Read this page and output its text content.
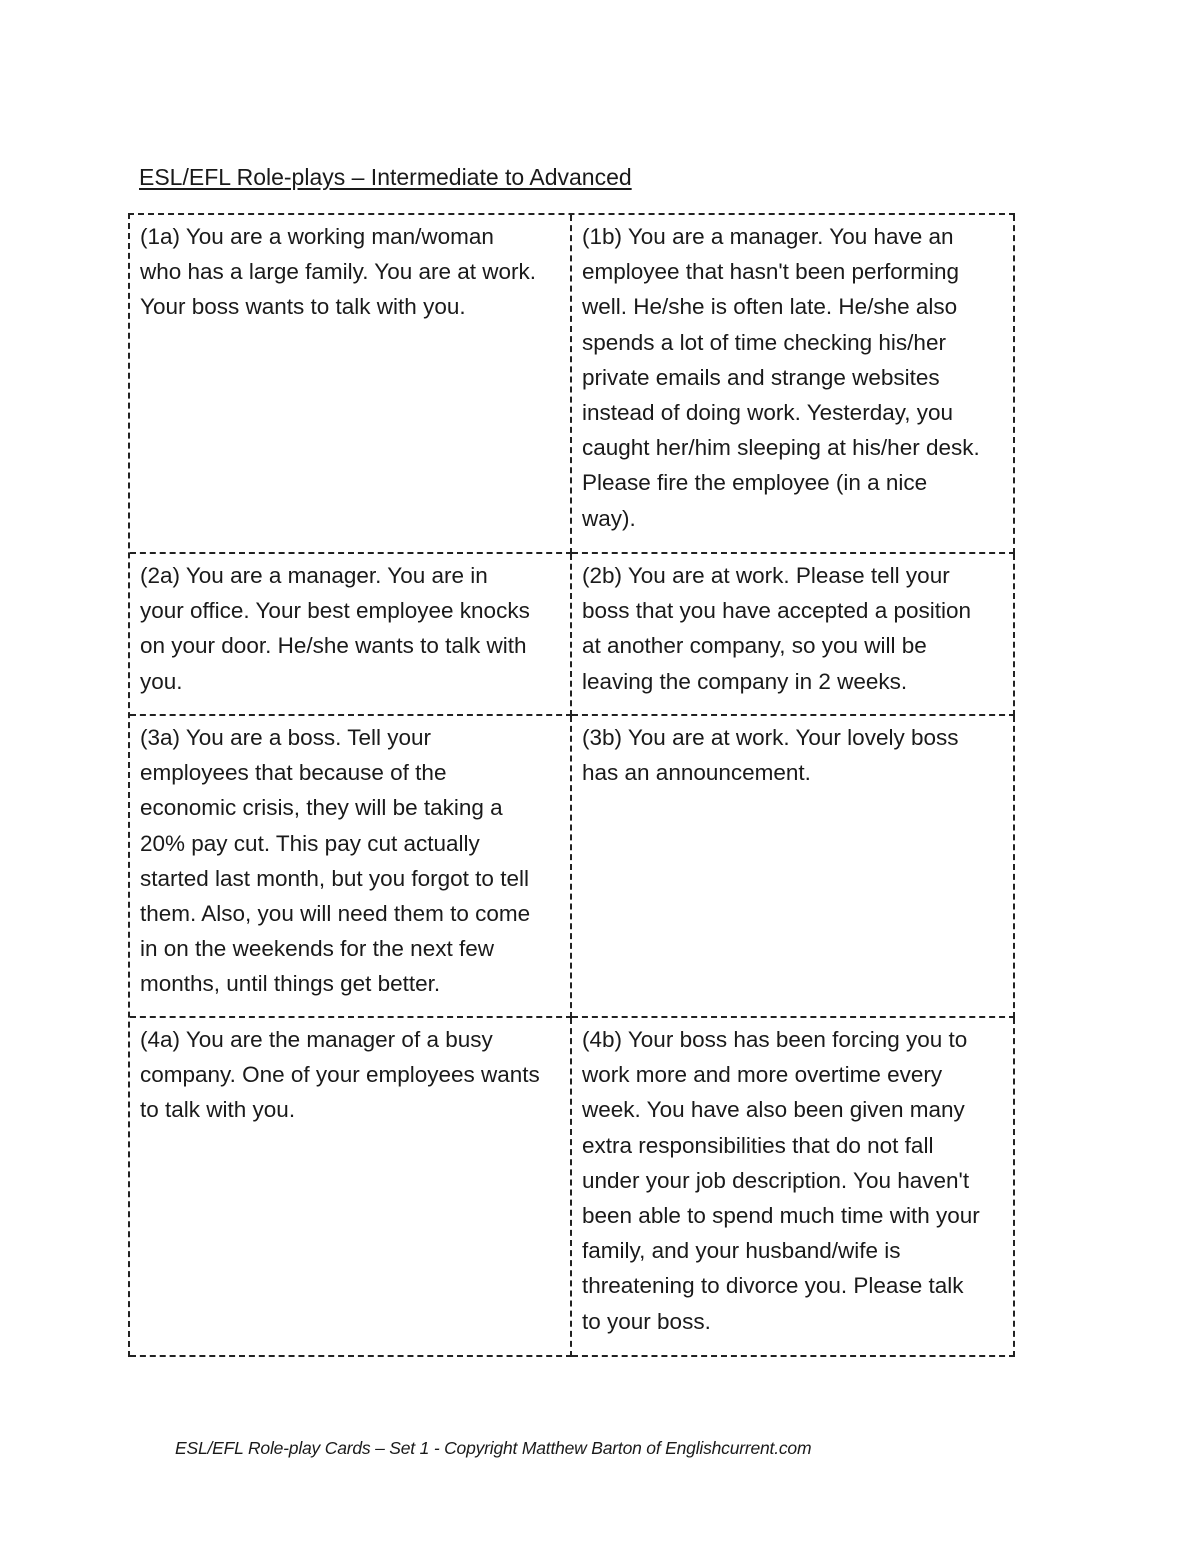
ESL/EFL Role-plays – Intermediate to Advanced
(1a) You are a working man/woman
who has a large family. You are at work.
Your boss wants to talk with you.
(1b) You are a manager. You have an
employee that hasn't been performing
well. He/she is often late. He/she also
spends a lot of time checking his/her
private emails and strange websites
instead of doing work. Yesterday, you
caught her/him sleeping at his/her desk.
Please fire the employee (in a nice
way).
(2a) You are a manager. You are in
your office. Your best employee knocks
on your door. He/she wants to talk with
you.
(2b) You are at work. Please tell your
boss that you have accepted a position
at another company, so you will be
leaving the company in 2 weeks.
(3a) You are a boss. Tell your
employees that because of the
economic crisis, they will be taking a
20% pay cut. This pay cut actually
started last month, but you forgot to tell
them. Also, you will need them to come
in on the weekends for the next few
months, until things get better.
(3b) You are at work. Your lovely boss
has an announcement.
(4a) You are the manager of a busy
company. One of your employees wants
to talk with you.
(4b) Your boss has been forcing you to
work more and more overtime every
week. You have also been given many
extra responsibilities that do not fall
under your job description. You haven't
been able to spend much time with your
family, and your husband/wife is
threatening to divorce you. Please talk
to your boss.
ESL/EFL Role-play Cards – Set 1 - Copyright Matthew Barton of Englishcurrent.com
